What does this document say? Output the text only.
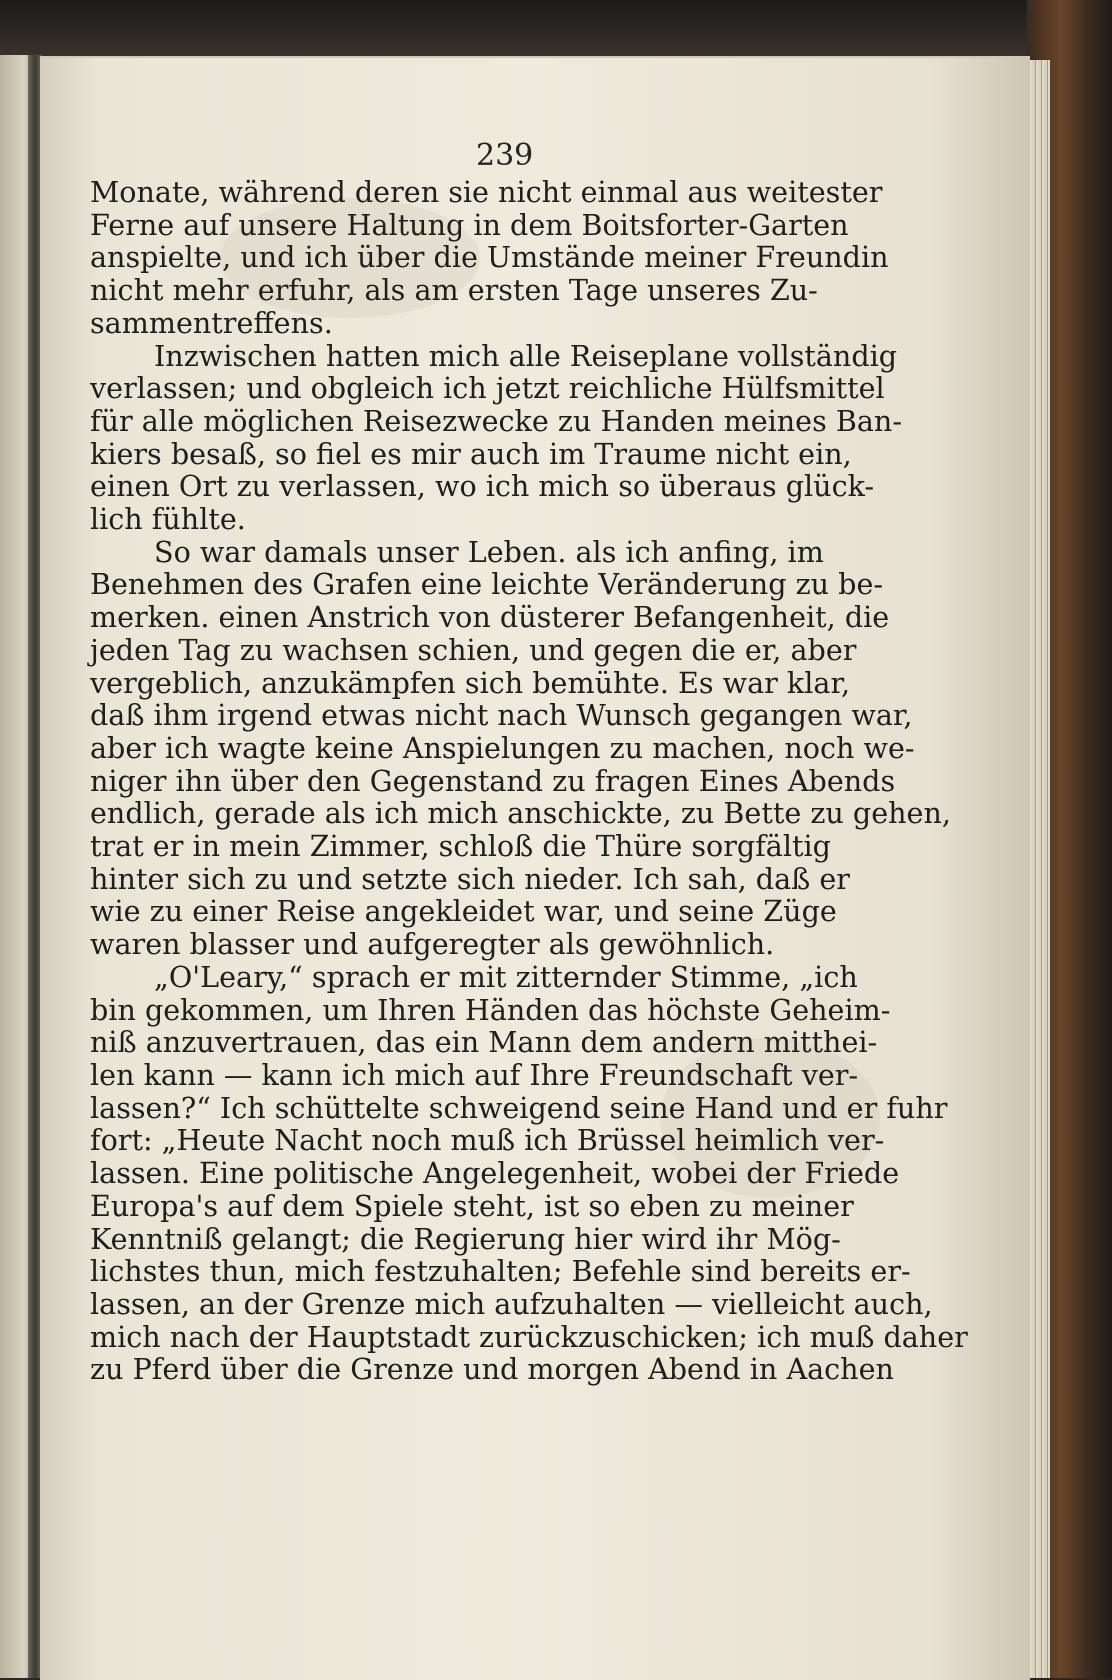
239
Monate, während deren sie nicht einmal aus weitester
Ferne auf unsere Haltung in dem Boitsforter-Garten
anspielte, und ich über die Umstände meiner Freundin
nicht mehr erfuhr, als am ersten Tage unseres Zu-
sammentreffens.
Inzwischen hatten mich alle Reiseplane vollständig
verlassen; und obgleich ich jetzt reichliche Hülfsmittel
für alle möglichen Reisezwecke zu Handen meines Ban-
kiers besaß, so fiel es mir auch im Traume nicht ein,
einen Ort zu verlassen, wo ich mich so überaus glück-
lich fühlte.
So war damals unser Leben. als ich anfing, im
Benehmen des Grafen eine leichte Veränderung zu be-
merken. einen Anstrich von düsterer Befangenheit, die
jeden Tag zu wachsen schien, und gegen die er, aber
vergeblich, anzukämpfen sich bemühte. Es war klar,
daß ihm irgend etwas nicht nach Wunsch gegangen war,
aber ich wagte keine Anspielungen zu machen, noch we-
niger ihn über den Gegenstand zu fragen Eines Abends
endlich, gerade als ich mich anschickte, zu Bette zu gehen,
trat er in mein Zimmer, schloß die Thüre sorgfältig
hinter sich zu und setzte sich nieder. Ich sah, daß er
wie zu einer Reise angekleidet war, und seine Züge
waren blasser und aufgeregter als gewöhnlich.
„O'Leary,“ sprach er mit zitternder Stimme, „ich
bin gekommen, um Ihren Händen das höchste Geheim-
niß anzuvertrauen, das ein Mann dem andern mitthei-
len kann — kann ich mich auf Ihre Freundschaft ver-
lassen?“ Ich schüttelte schweigend seine Hand und er fuhr
fort: „Heute Nacht noch muß ich Brüssel heimlich ver-
lassen. Eine politische Angelegenheit, wobei der Friede
Europa's auf dem Spiele steht, ist so eben zu meiner
Kenntniß gelangt; die Regierung hier wird ihr Mög-
lichstes thun, mich festzuhalten; Befehle sind bereits er-
lassen, an der Grenze mich aufzuhalten — vielleicht auch,
mich nach der Hauptstadt zurückzuschicken; ich muß daher
zu Pferd über die Grenze und morgen Abend in Aachen
